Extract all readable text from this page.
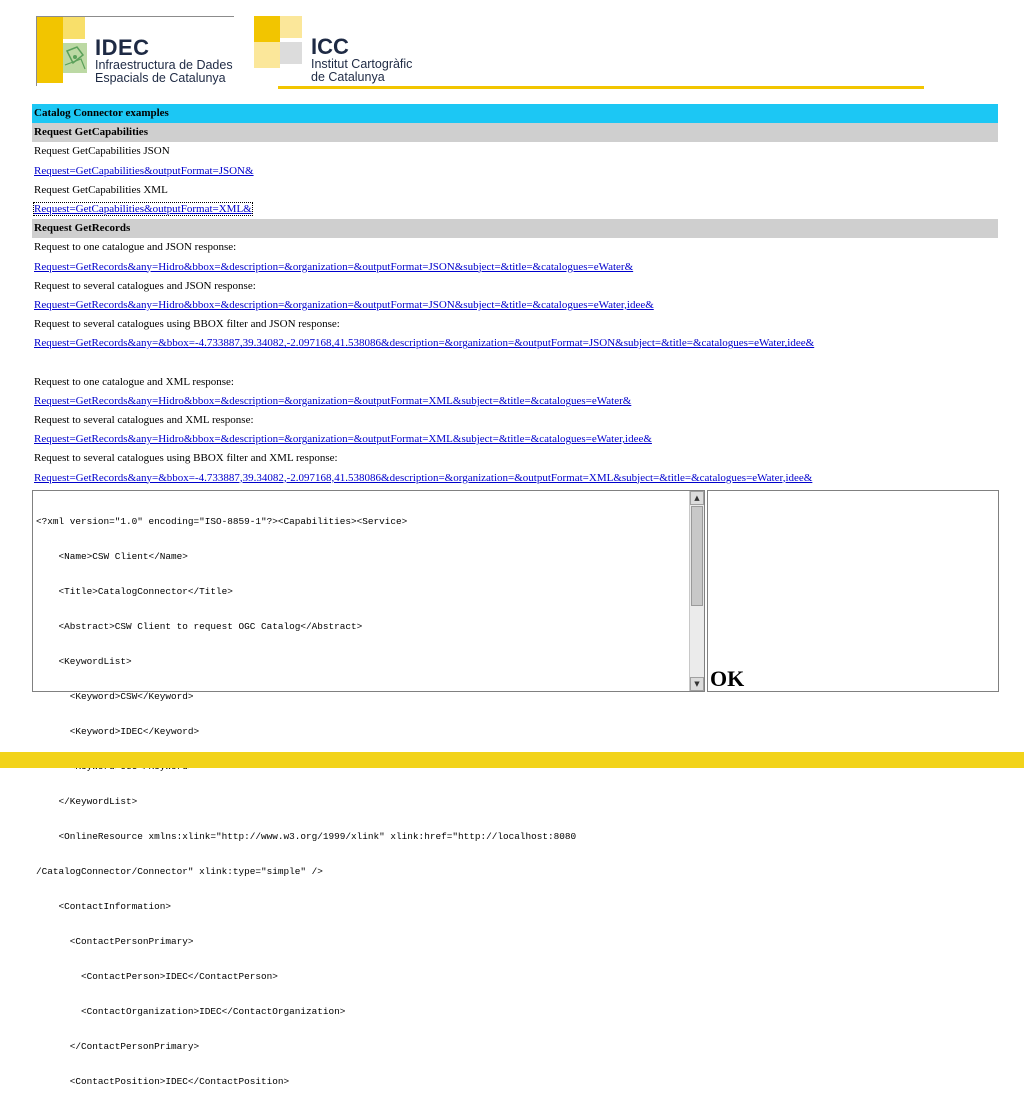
IDEC
Infraestructura de Dades
Espacials de Catalunya
ICC
Institut Cartogràfic
de Catalunya
Catalog Connector examples
Request GetCapabilities
Request GetCapabilities JSON
Request=GetCapabilities&outputFormat=JSON&
Request GetCapabilities XML
Request=GetCapabilities&outputFormat=XML&
Request GetRecords
Request to one catalogue and JSON response:
Request=GetRecords&any=Hidro&bbox=&description=&organization=&outputFormat=JSON&subject=&title=&catalogues=eWater&
Request to several catalogues and JSON response:
Request=GetRecords&any=Hidro&bbox=&description=&organization=&outputFormat=JSON&subject=&title=&catalogues=eWater,idee&
Request to several catalogues using BBOX filter and JSON response:
Request=GetRecords&any=&bbox=-4.733887,39.34082,-2.097168,41.538086&description=&organization=&outputFormat=JSON&subject=&title=&catalogues=eWater,idee&
Request to one catalogue and XML response:
Request=GetRecords&any=Hidro&bbox=&description=&organization=&outputFormat=XML&subject=&title=&catalogues=eWater&
Request to several catalogues and XML response:
Request=GetRecords&any=Hidro&bbox=&description=&organization=&outputFormat=XML&subject=&title=&catalogues=eWater,idee&
Request to several catalogues using BBOX filter and XML response:
Request=GetRecords&any=&bbox=-4.733887,39.34082,-2.097168,41.538086&description=&organization=&outputFormat=XML&subject=&title=&catalogues=eWater,idee&

<?xml version="1.0" encoding="ISO-8859-1"?><Capabilities><Service>

<Name>CSW Client</Name>

<Title>CatalogConnector</Title>

<Abstract>CSW Client to request OGC Catalog</Abstract>

<KeywordList>

<Keyword>CSW</Keyword>

<Keyword>IDEC</Keyword>

</KeywordList>

<OnlineResource xmlns:xlink="http://www.w3.org/1999/xlink" xlink:href="http://localhost:8080

/CatalogConnector/Connector" xlink:type="simple" />

<ContactInformation>

<ContactPersonPrimary>

<ContactPerson>IDEC</ContactPerson>

<ContactOrganization>IDEC</ContactOrganization>

</ContactPersonPrimary>

<ContactPosition>IDEC</ContactPosition>

▲
▼ OK
